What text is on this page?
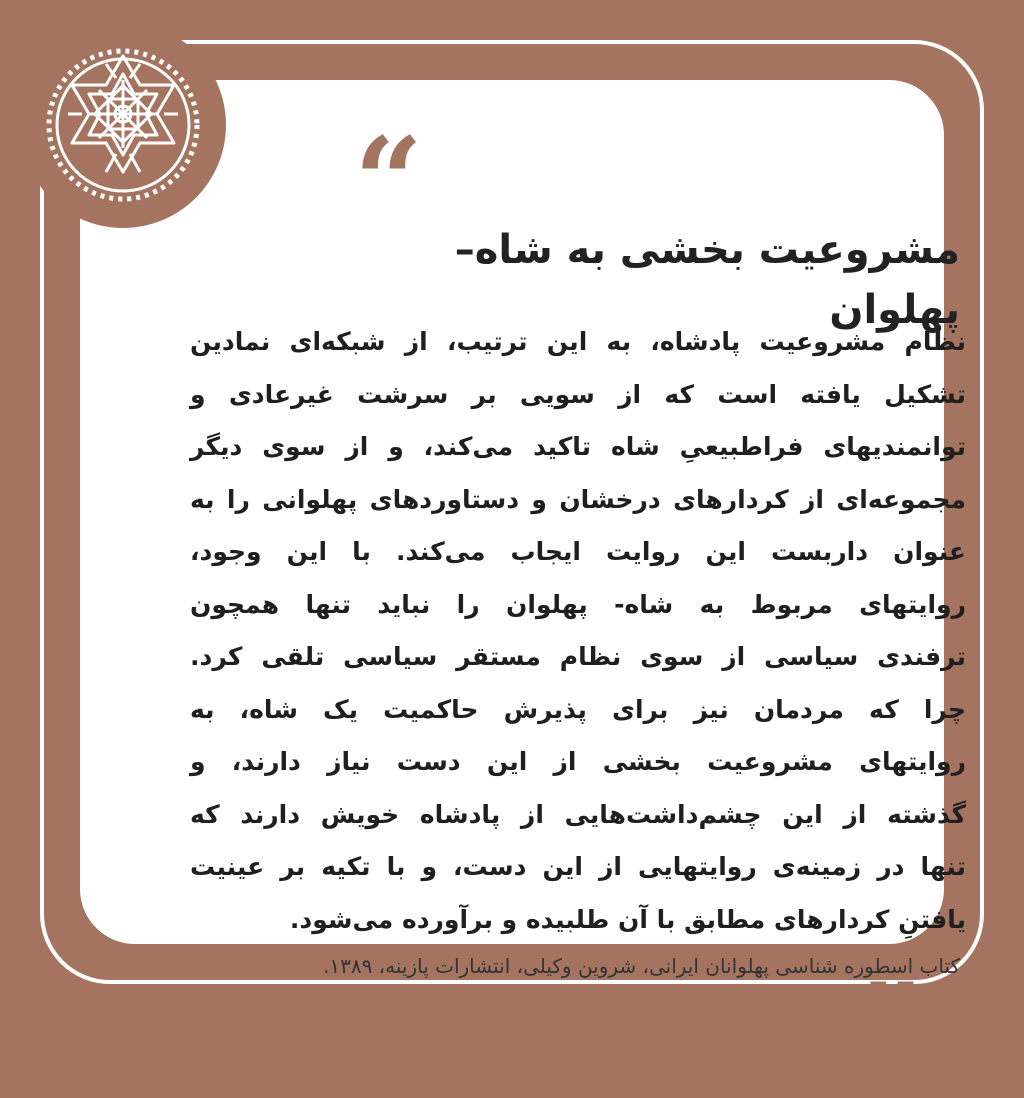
“ مشروعیت بخشی به شاه–پهلوان
نظام مشروعیت پادشاه، به این ترتیب، از شبکه‌ای نمادین
تشکیل یافته است که از سویی بر سرشت غیرعادی و
توانمندیهای فراطبیعیِ شاه تاکید می‌کند، و از سوی دیگر
مجموعه‌ای از کردارهای درخشان و دستاوردهای پهلوانی را به
عنوان داربست این روایت ایجاب می‌کند. با این وجود،
روایتهای مربوط به شاه- پهلوان را نباید تنها همچون
ترفندی سیاسی از سوی نظام مستقر سیاسی تلقی کرد.
چرا که مردمان نیز برای پذیرش حاکمیت یک شاه، به
روایتهای مشروعیت بخشی از این دست نیاز دارند، و
گذشته از این چشم‌داشت‌هایی از پادشاه خویش دارند که
تنها در زمینه‌ی روایتهایی از این دست، و با تکیه بر عینیت
یافتنِ کردارهای مطابق با آن طلبیده و برآورده می‌شود.

کتاب اسطوره شناسی پهلوانان ایرانی، شروین وکیلی، انتشارات پازینه، ۱۳۸۹.

”
